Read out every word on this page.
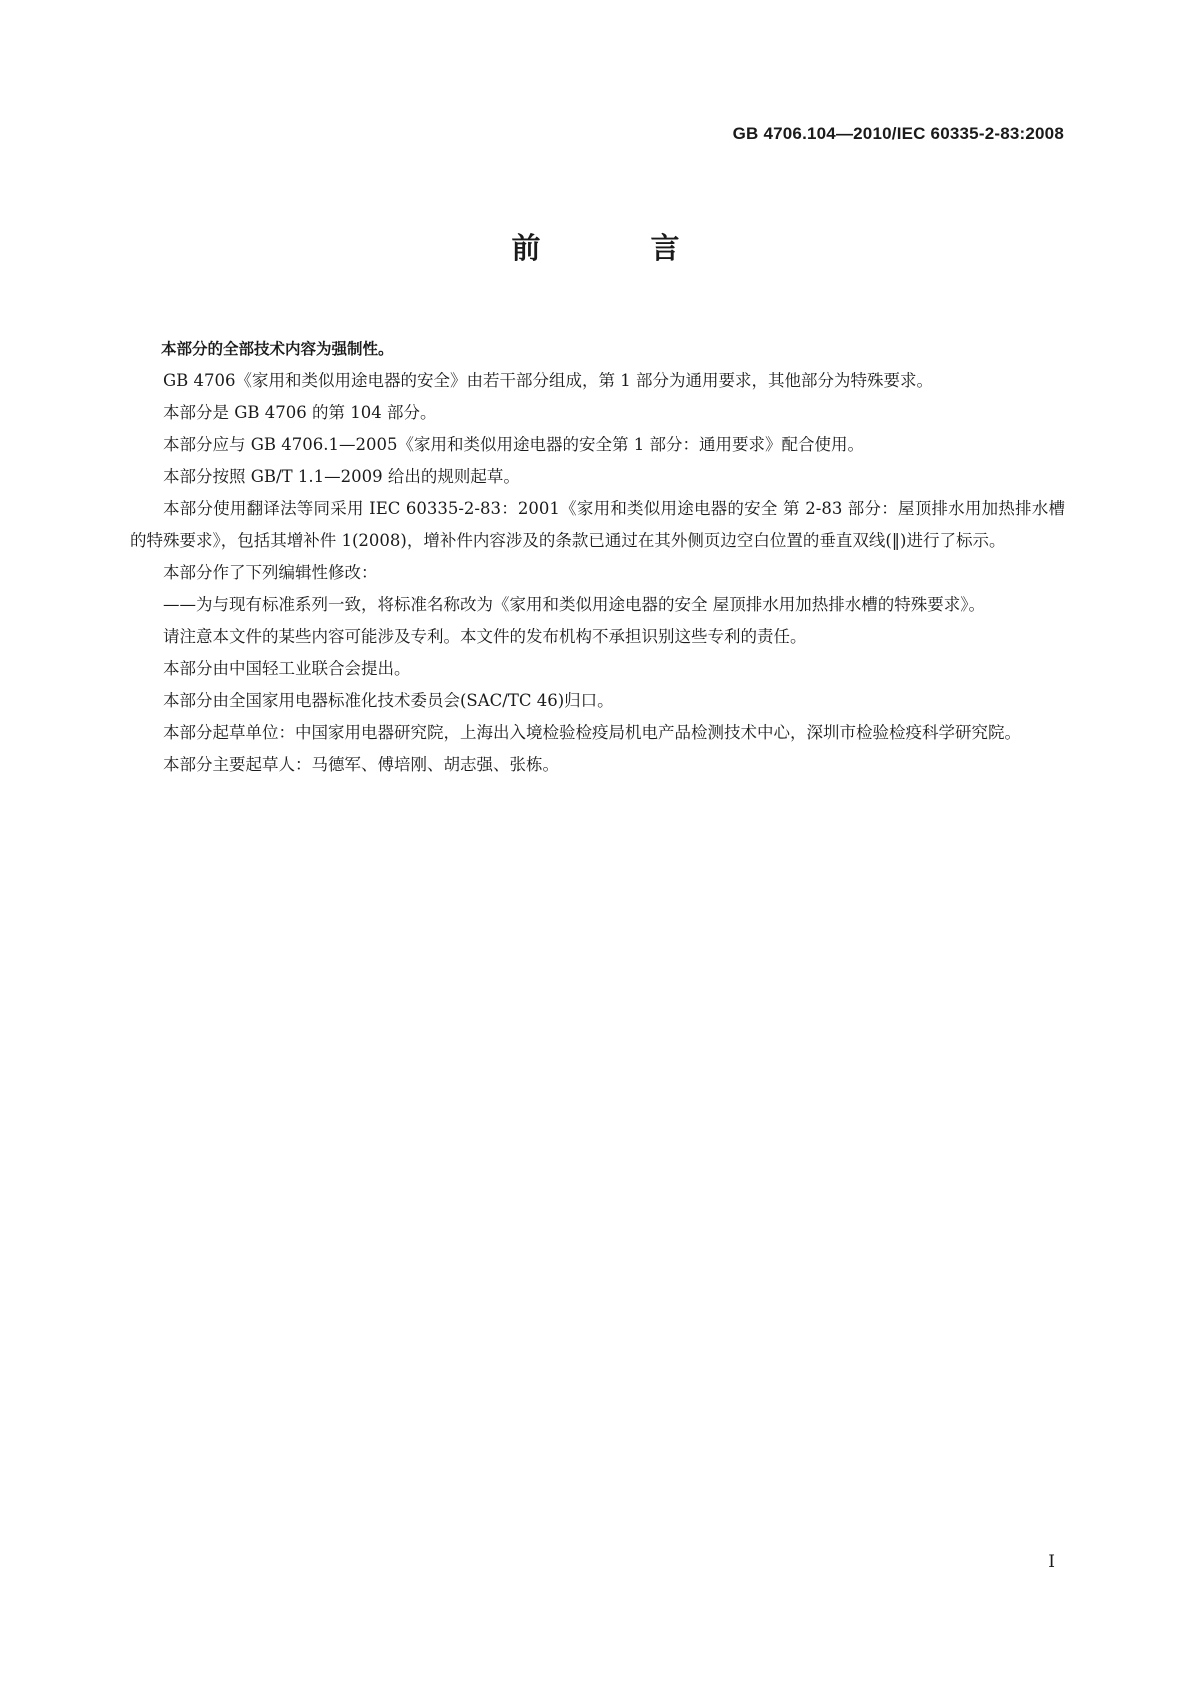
GB 4706.104—2010/IEC 60335-2-83:2008
前 言

本部分的全部技术内容为强制性。

GB 4706《家用和类似用途电器的安全》由若干部分组成，第 1 部分为通用要求，其他部分为特殊要求。

本部分是 GB 4706 的第 104 部分。

本部分应与 GB 4706.1—2005《家用和类似用途电器的安全第 1 部分：通用要求》配合使用。

本部分按照 GB/T 1.1—2009 给出的规则起草。

本部分使用翻译法等同采用 IEC 60335-2-83：2001《家用和类似用途电器的安全 第 2-83 部分：屋顶排水用加热排水槽的特殊要求》，包括其增补件 1(2008)，增补件内容涉及的条款已通过在其外侧页边空白位置的垂直双线(‖)进行了标示。

本部分作了下列编辑性修改：

——为与现有标准系列一致，将标准名称改为《家用和类似用途电器的安全 屋顶排水用加热排水槽的特殊要求》。

请注意本文件的某些内容可能涉及专利。本文件的发布机构不承担识别这些专利的责任。

本部分由中国轻工业联合会提出。

本部分由全国家用电器标准化技术委员会(SAC/TC 46)归口。

本部分起草单位：中国家用电器研究院，上海出入境检验检疫局机电产品检测技术中心，深圳市检验检疫科学研究院。

本部分主要起草人：马德军、傅培刚、胡志强、张栋。

I
